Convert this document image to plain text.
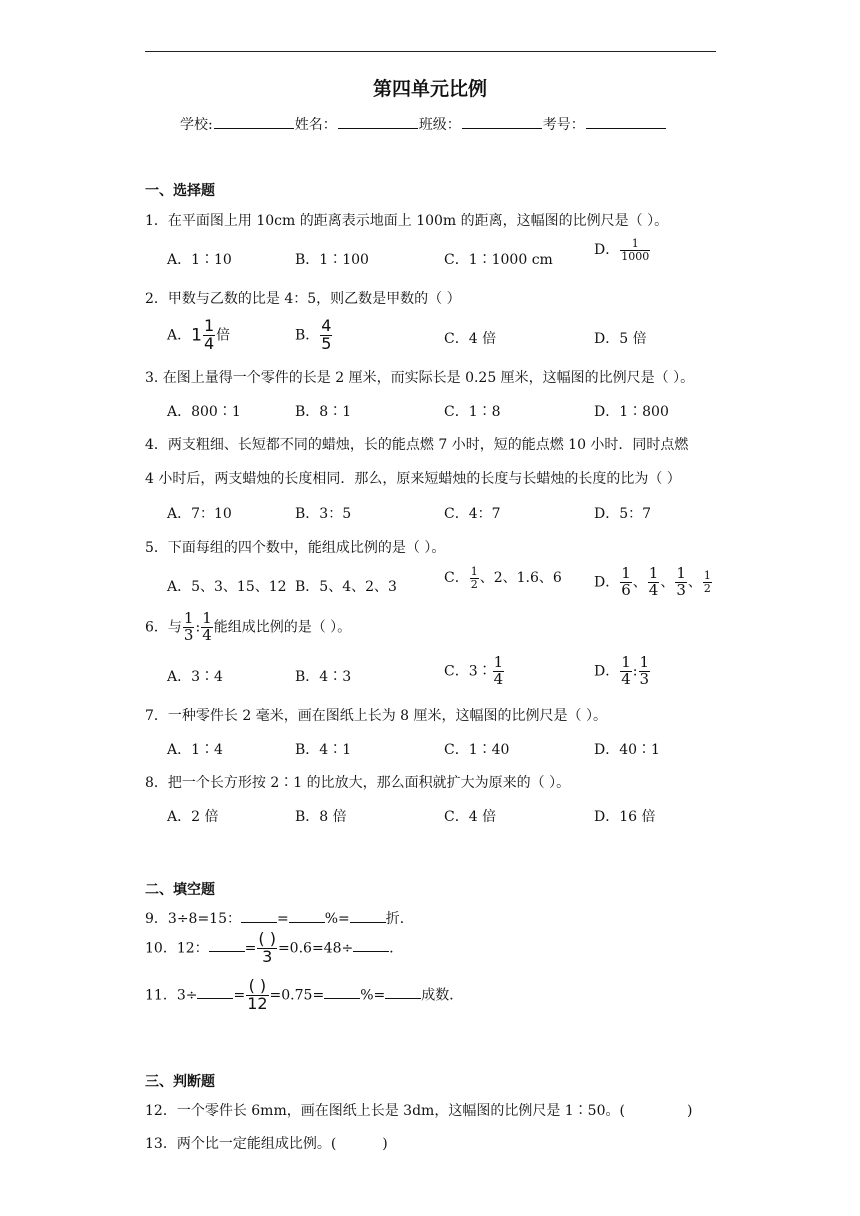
第四单元比例
学校:	姓名：	班级：	考号：
一、选择题
1．在平面图上用 10cm 的距离表示地面上 100m 的距离，这幅图的比例尺是（ ）。
A．1∶10	B．1∶100	C．1∶1000 cm
D． $\frac{1}{1000}$
2．甲数与乙数的比是 4：5，则乙数是甲数的（ ）
A．$1 \frac{1}{4}$ 倍	B． $\frac{4}{5}$	C．4 倍	D．5 倍
3. 在图上量得一个零件的长是 2 厘米，而实际长是 0.25 厘米，这幅图的比例尺是（ ）。
A．800∶1	B．8∶1	C．1∶8	D．1∶800
4．两支粗细、长短都不同的蜡烛，长的能点燃 7 小时，短的能点燃 10 小时．同时点燃
4 小时后，两支蜡烛的长度相同．那么，原来短蜡烛的长度与长蜡烛的长度的比为（ ）
A．7：10	B．3：5	C．4：7	D．5：7
5．下面每组的四个数中，能组成比例的是（ ）。
A．5、3、15、12 B．5、4、2、3
C． $\frac{1}{2}$ 、2、1.6、6 D． $\frac{1}{6}$ 、 $\frac{1}{4}$ 、 $\frac{1}{3}$ 、 $\frac{1}{2}$
6．与 $\frac{1}{3}$ : $\frac{1}{4}$ 能组成比例的是（ ）。
A．3∶4	B．4∶3	C．3∶ $\frac{1}{4}$	D． $\frac{1}{4}$ : $\frac{1}{3}$
7．一种零件长 2 毫米，画在图纸上长为 8 厘米，这幅图的比例尺是（ ）。
A．1∶4	B．4∶1	C．1∶40	D．40∶1
8．把一个长方形按 2∶1 的比放大，那么面积就扩大为原来的（ ）。
A．2 倍	B．8 倍	C．4 倍	D．16 倍
二、填空题
9．3÷8=15：	=	%=	折．
10．12：	= $\frac{( )}{3} =0.6=48\div$	．
11．3÷	= $\frac{( )}{12} =0.75=$	%=	成数．
三、判断题
12．一个零件长 6mm，画在图纸上长是 3dm，这幅图的比例尺是 1∶50。(	)
13．两个比一定能组成比例。(	)
